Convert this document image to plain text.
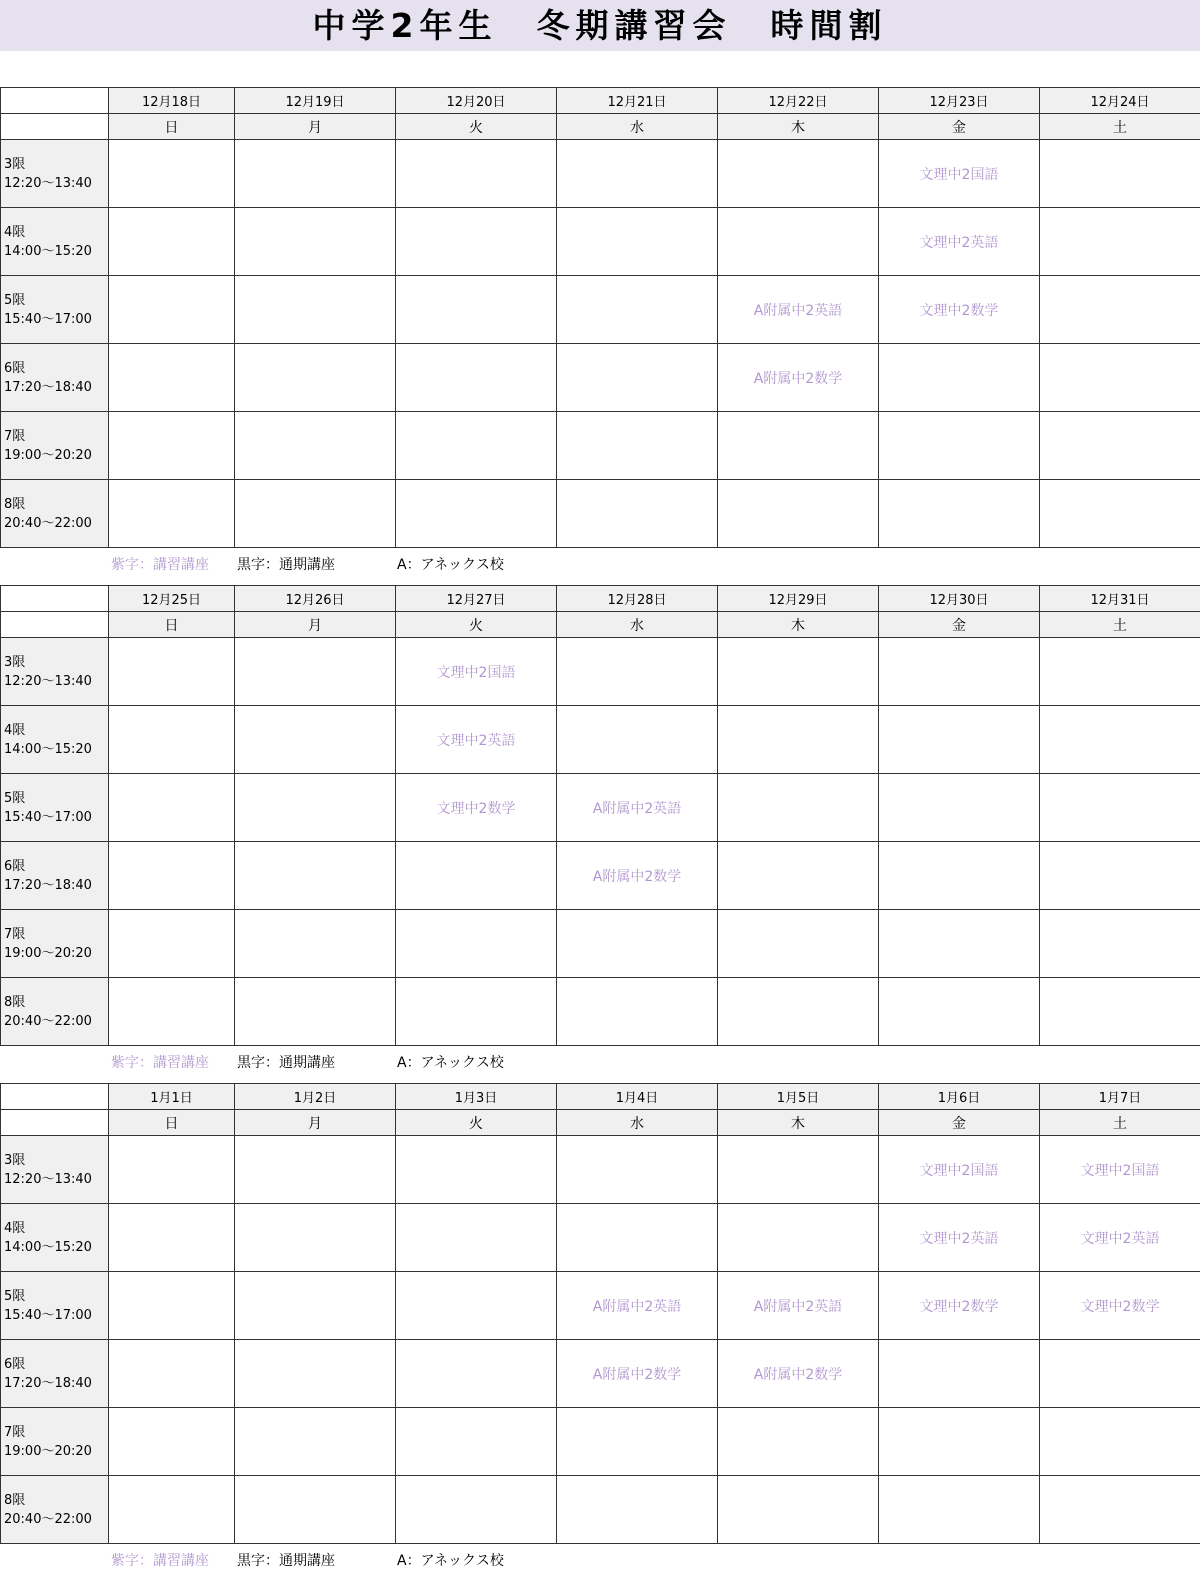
中学2年生　冬期講習会　時間割
	12月18日	12月19日	12月20日	12月21日	12月22日	12月23日	12月24日
	日	月	火	水	木	金	土

3限
12:20～13:40						文理中2国語	

4限
14:00～15:20						文理中2英語	

5限
15:40～17:00					A附属中2英語	文理中2数学	

6限
17:20～18:40					A附属中2数学		

7限
19:00～20:20							

8限
20:40～22:00							

紫字：講習講座 黒字：通期講座	A：アネックス校
	12月25日	12月26日	12月27日	12月28日	12月29日	12月30日	12月31日
	日	月	火	水	木	金	土

3限
12:20～13:40			文理中2国語				

4限
14:00～15:20			文理中2英語				

5限
15:40～17:00			文理中2数学	A附属中2英語			

6限
17:20～18:40				A附属中2数学			

7限
19:00～20:20							

8限
20:40～22:00							

紫字：講習講座 黒字：通期講座	A：アネックス校
	1月1日	1月2日	1月3日	1月4日	1月5日	1月6日	1月7日
	日	月	火	水	木	金	土

3限
12:20～13:40						文理中2国語	文理中2国語

4限
14:00～15:20						文理中2英語	文理中2英語

5限
15:40～17:00				A附属中2英語	A附属中2英語	文理中2数学	文理中2数学

6限
17:20～18:40				A附属中2数学	A附属中2数学		

7限
19:00～20:20							

8限
20:40～22:00							

紫字：講習講座 黒字：通期講座	A：アネックス校
